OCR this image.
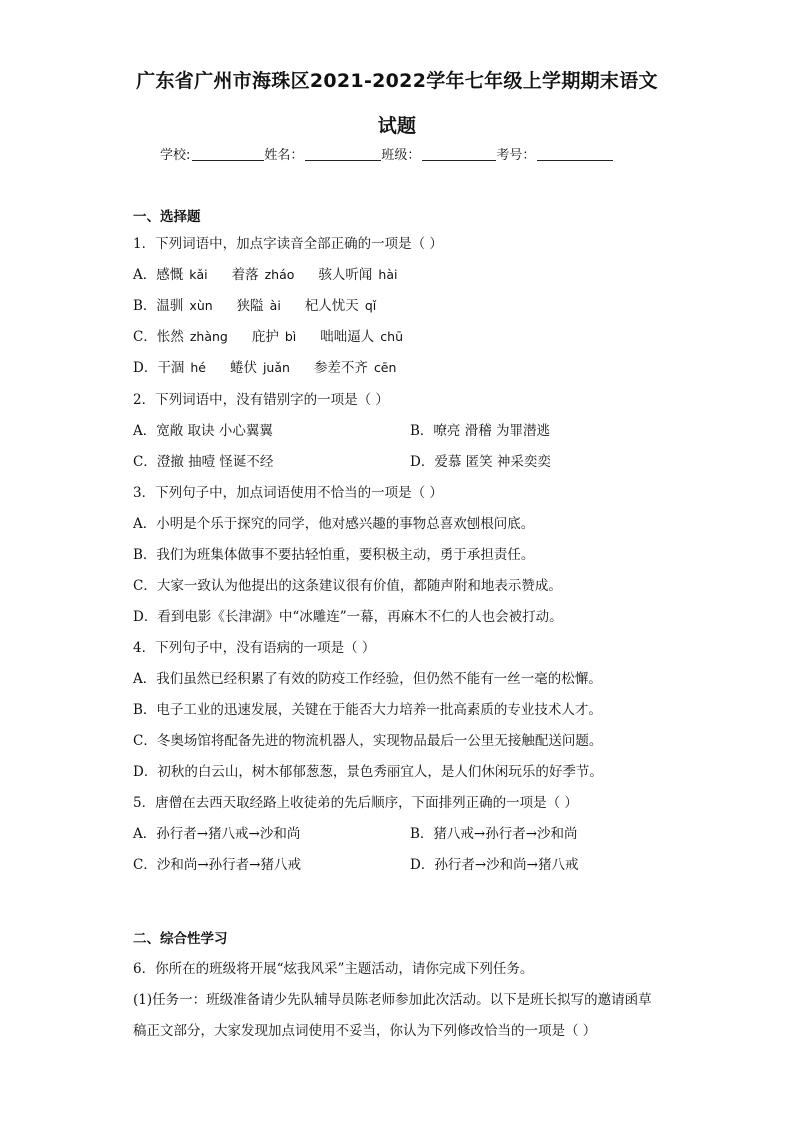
广东省广州市海珠区2021-2022学年七年级上学期期末语文
试题
学校:	姓名：	班级：	考号：
一、选择题
1．下列词语中，加点字读音全部正确的一项是（ ）
A．感慨 kǎi 着落 zháo 骇人听闻 hài
B．温驯 xùn 狭隘 ài 杞人忧天 qǐ
C．怅然 zhàng 庇护 bì 咄咄逼人 chū
D．干涸 hé 蜷伏 juǎn 参差不齐 cēn
2．下列词语中，没有错别字的一项是（ ）
A．宽敞 取诀 小心翼翼	B．嘹亮 滑稽 为罪潜逃
C．澄撤 抽噎 怪诞不经	D．爱慕 匿笑 神采奕奕
3．下列句子中，加点词语使用不恰当的一项是（ ）
A．小明是个乐于探究的同学，他对感兴趣的事物总喜欢刨根问底。
B．我们为班集体做事不要拈轻怕重，要积极主动，勇于承担责任。
C．大家一致认为他提出的这条建议很有价值，都随声附和地表示赞成。
D．看到电影《长津湖》中“冰雕连”一幕，再麻木不仁的人也会被打动。
4．下列句子中，没有语病的一项是（ ）
A．我们虽然已经积累了有效的防疫工作经验，但仍然不能有一丝一毫的松懈。
B．电子工业的迅速发展，关键在于能否大力培养一批高素质的专业技术人才。
C．冬奥场馆将配备先进的物流机器人，实现物品最后一公里无接触配送问题。
D．初秋的白云山，树木郁郁葱葱，景色秀丽宜人，是人们休闲玩乐的好季节。
5．唐僧在去西天取经路上收徒弟的先后顺序，下面排列正确的一项是（ ）
A．孙行者→猪八戒→沙和尚	B．猪八戒→孙行者→沙和尚
C．沙和尚→孙行者→猪八戒	D．孙行者→沙和尚→猪八戒
二、综合性学习
6．你所在的班级将开展“炫我风采”主题活动，请你完成下列任务。
(1)任务一：班级准备请少先队辅导员陈老师参加此次活动。以下是班长拟写的邀请函草
稿正文部分，大家发现加点词使用不妥当，你认为下列修改恰当的一项是（ ）
